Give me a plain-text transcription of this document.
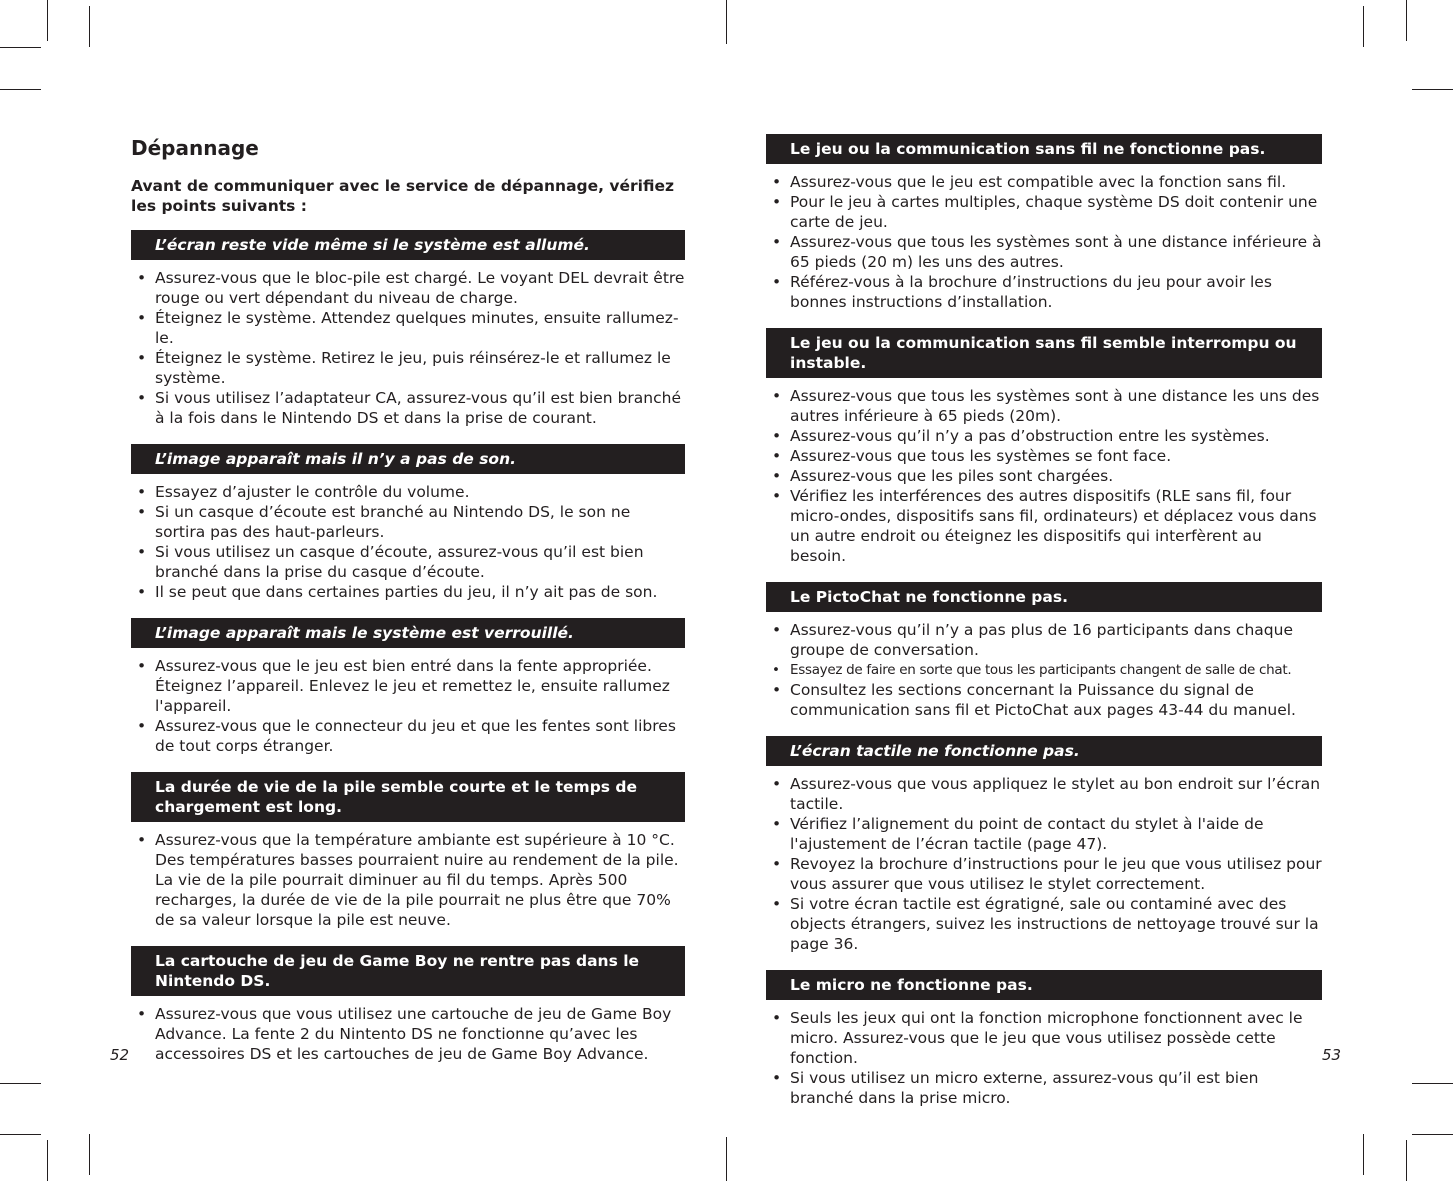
Dépannage
Avant de communiquer avec le service de dépannage, vérifiez les points suivants :
L’écran reste vide même si le système est allumé.
• Assurez-vous que le bloc-pile est chargé. Le voyant DEL devrait être rouge ou vert dépendant du niveau de charge.
• Éteignez le système. Attendez quelques minutes, ensuite rallumez-le.
• Éteignez le système. Retirez le jeu, puis réinsérez-le et rallumez le système.
• Si vous utilisez l’adaptateur CA, assurez-vous qu’il est bien branché à la fois dans le Nintendo DS et dans la prise de courant.
L’image apparaît mais il n’y a pas de son.
• Essayez d’ajuster le contrôle du volume.
• Si un casque d’écoute est branché au Nintendo DS, le son ne sortira pas des haut-parleurs.
• Si vous utilisez un casque d’écoute, assurez-vous qu’il est bien branché dans la prise du casque d’écoute.
• Il se peut que dans certaines parties du jeu, il n’y ait pas de son.
L’image apparaît mais le système est verrouillé.
• Assurez-vous que le jeu est bien entré dans la fente appropriée. Éteignez l’appareil. Enlevez le jeu et remettez le, ensuite rallumez l'appareil.
• Assurez-vous que le connecteur du jeu et que les fentes sont libres de tout corps étranger.
La durée de vie de la pile semble courte et le temps de chargement est long.
• Assurez-vous que la température ambiante est supérieure à 10 °C. Des températures basses pourraient nuire au rendement de la pile. La vie de la pile pourrait diminuer au fil du temps. Après 500 recharges, la durée de vie de la pile pourrait ne plus être que 70% de sa valeur lorsque la pile est neuve.
La cartouche de jeu de Game Boy ne rentre pas dans le Nintendo DS.
• Assurez-vous que vous utilisez une cartouche de jeu de Game Boy Advance. La fente 2 du Nintento DS ne fonctionne qu’avec les accessoires DS et les cartouches de jeu de Game Boy Advance.
Le jeu ou la communication sans fil ne fonctionne pas.
• Assurez-vous que le jeu est compatible avec la fonction sans fil.
• Pour le jeu à cartes multiples, chaque système DS doit contenir une carte de jeu.
• Assurez-vous que tous les systèmes sont à une distance inférieure à 65 pieds (20 m) les uns des autres.
• Référez-vous à la brochure d’instructions du jeu pour avoir les bonnes instructions d’installation.
Le jeu ou la communication sans fil semble interrompu ou instable.
• Assurez-vous que tous les systèmes sont à une distance les uns des autres inférieure à 65 pieds (20m).
• Assurez-vous qu’il n’y a pas d’obstruction entre les systèmes.
• Assurez-vous que tous les systèmes se font face.
• Assurez-vous que les piles sont chargées.
• Vérifiez les interférences des autres dispositifs (RLE sans fil, four micro-ondes, dispositifs sans fil, ordinateurs) et déplacez vous dans un autre endroit ou éteignez les dispositifs qui interfèrent au besoin.
Le PictoChat ne fonctionne pas.
• Assurez-vous qu’il n’y a pas plus de 16 participants dans chaque groupe de conversation.
• Essayez de faire en sorte que tous les participants changent de salle de chat.
• Consultez les sections concernant la Puissance du signal de communication sans fil et PictoChat aux pages 43-44 du manuel.
L’écran tactile ne fonctionne pas.
• Assurez-vous que vous appliquez le stylet au bon endroit sur l’écran tactile.
• Vérifiez l’alignement du point de contact du stylet à l'aide de l'ajustement de l’écran tactile (page 47).
• Revoyez la brochure d’instructions pour le jeu que vous utilisez pour vous assurer que vous utilisez le stylet correctement.
• Si votre écran tactile est égratigné, sale ou contaminé avec des objects étrangers, suivez les instructions de nettoyage trouvé sur la page 36.
Le micro ne fonctionne pas.
• Seuls les jeux qui ont la fonction microphone fonctionnent avec le micro. Assurez-vous que le jeu que vous utilisez possède cette fonction.
• Si vous utilisez un micro externe, assurez-vous qu’il est bien branché dans la prise micro.
52	53
